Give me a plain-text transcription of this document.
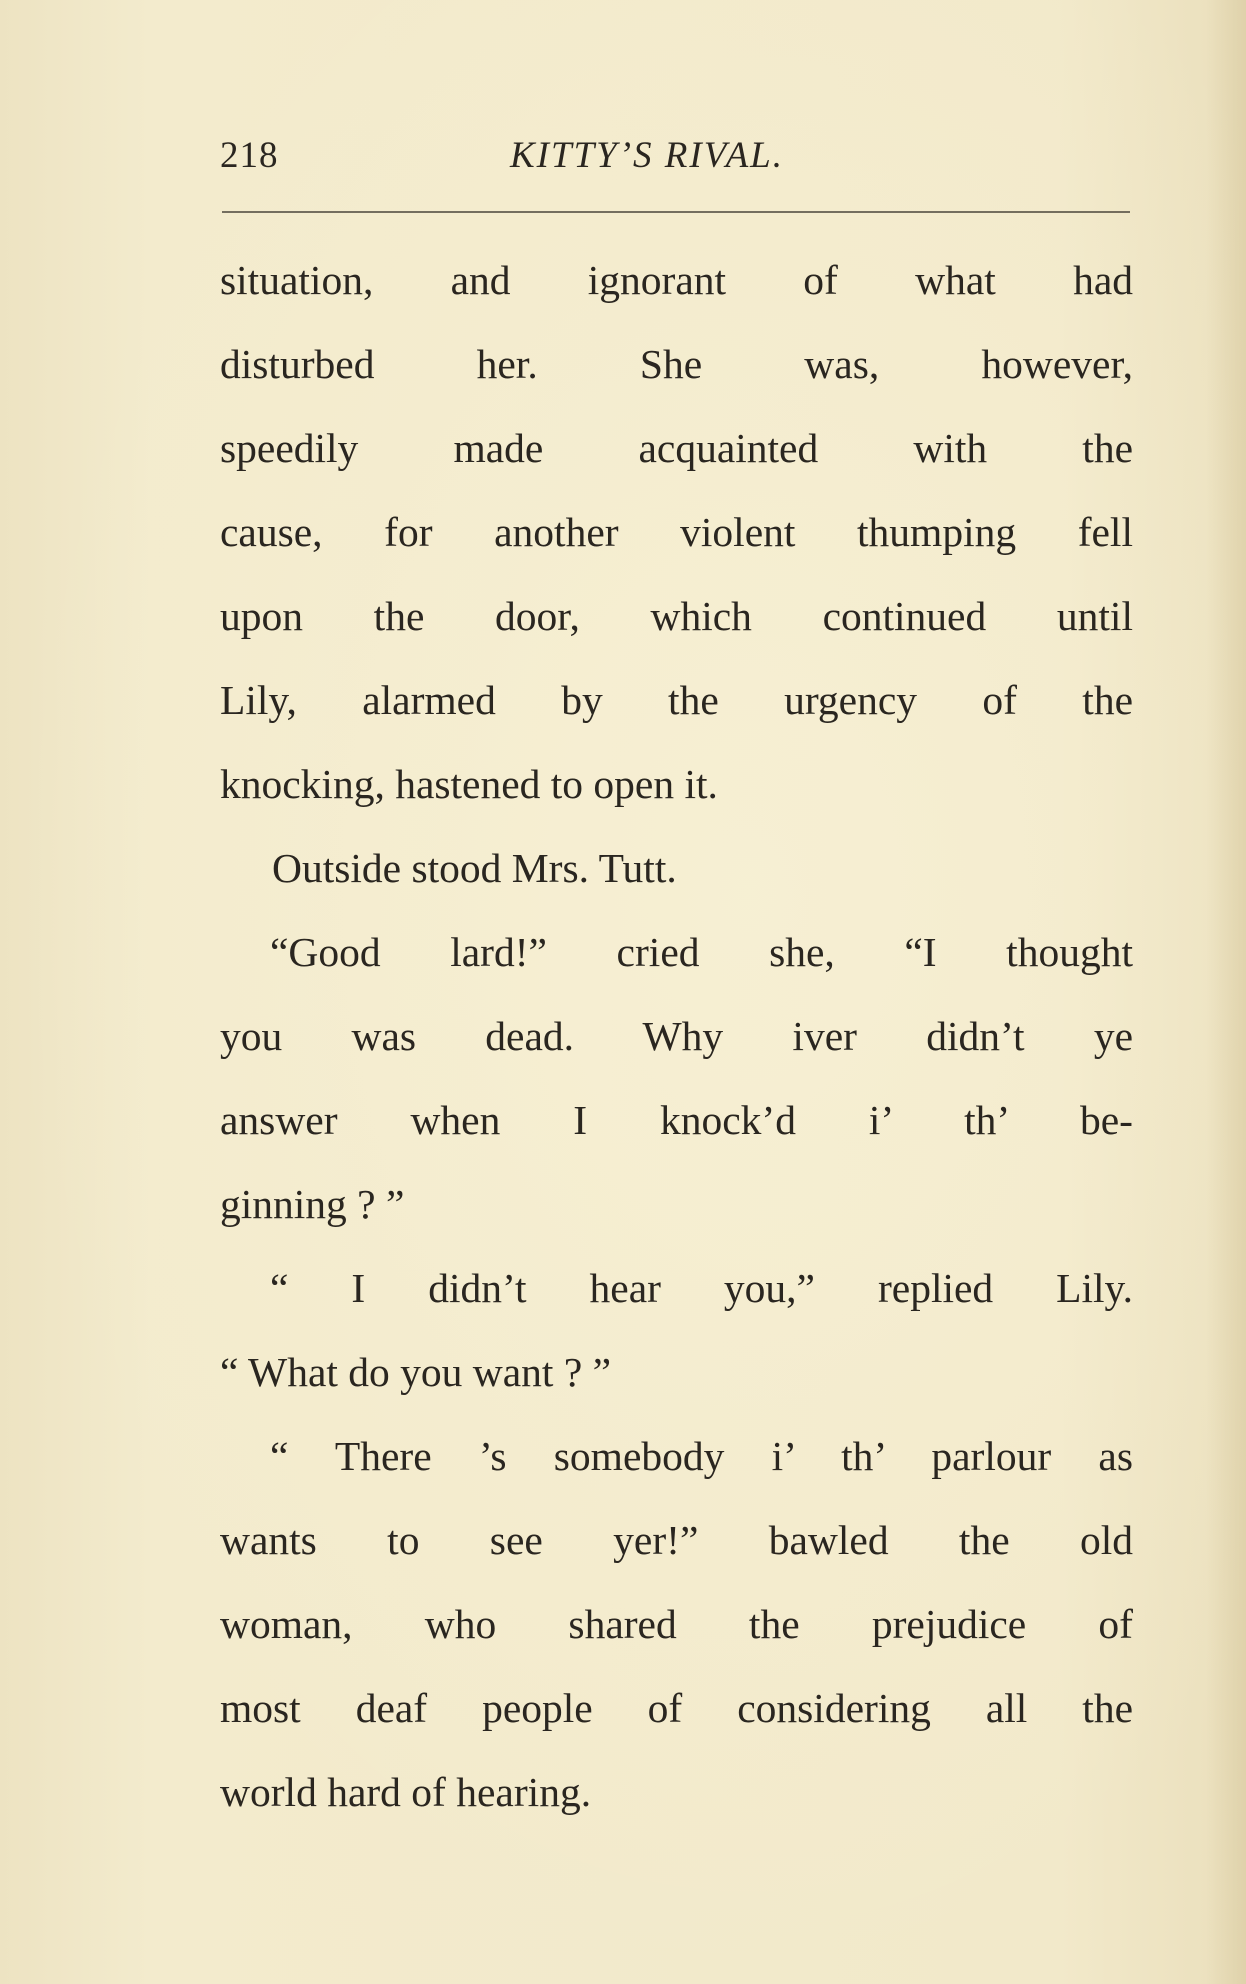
218	KITTY’S RIVAL.
situation, and ignorant of what had
disturbed her. She was, however,
speedily made acquainted with the
cause, for another violent thumping fell
upon the door, which continued until
Lily, alarmed by the urgency of the
knocking, hastened to open it.
Outside stood Mrs. Tutt.
“Good lard!” cried she, “I thought
you was dead. Why iver didn’t ye
answer when I knock’d i’ th’ be-
ginning ? ”
“ I didn’t hear you,” replied Lily.
“ What do you want ? ”
“ There ’s somebody i’ th’ parlour as
wants to see yer!” bawled the old
woman, who shared the prejudice of
most deaf people of considering all the
world hard of hearing.
